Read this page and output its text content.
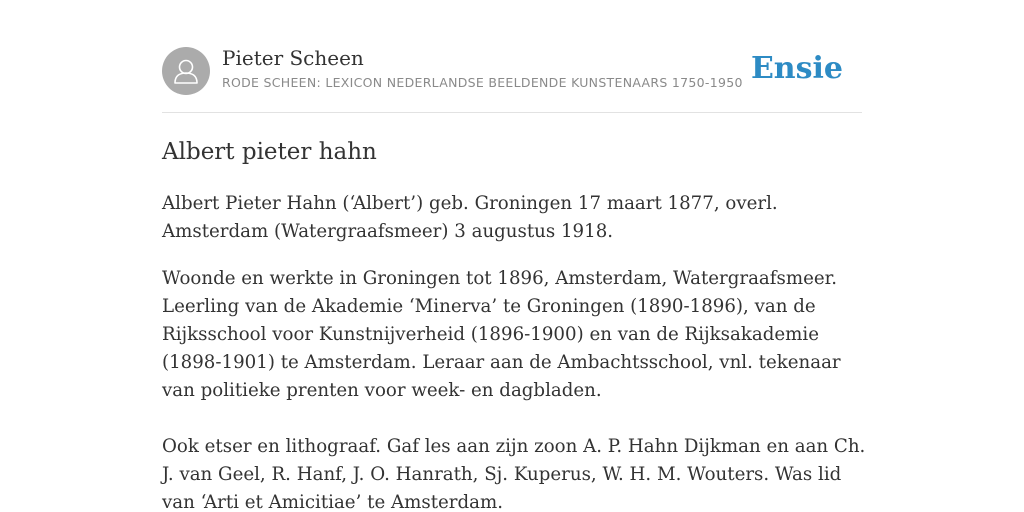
Pieter Scheen
RODE SCHEEN: LEXICON NEDERLANDSE BEELDENDE KUNSTENAARS 1750-1950 Ensie
Albert pieter hahn

Albert Pieter Hahn (‘Albert’) geb. Groningen 17 maart 1877, overl. Amsterdam (Watergraafsmeer) 3 augustus 1918.

Woonde en werkte in Groningen tot 1896, Amsterdam, Watergraafsmeer. Leerling van de Akademie ‘Minerva’ te Groningen (1890-1896), van de Rijksschool voor Kunstnijverheid (1896-1900) en van de Rijksakademie (1898-1901) te Amsterdam. Leraar aan de Ambachtsschool, vnl. tekenaar van politieke prenten voor week- en dagbladen.

Ook etser en lithograaf. Gaf les aan zijn zoon A. P. Hahn Dijkman en aan Ch. J. van Geel, R. Hanf, J. O. Hanrath, Sj. Kuperus, W. H. M. Wouters. Was lid van ‘Arti et Amicitiae’ te Amsterdam.
